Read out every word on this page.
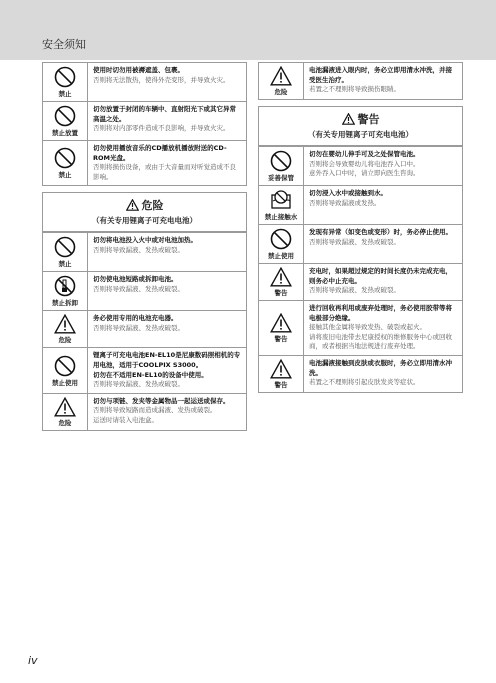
安全须知
禁止
使用时切勿用被褥遮盖、包裹。
否则将无法散热，使得外壳变形，并导致火灾。
禁止放置
切勿放置于封闭的车辆中、直射阳光下或其它异常高温之处。
否则将对内部零件造成不良影响，并导致火灾。
禁止
切勿使用播放音乐的CD播放机播放附送的CD-ROM光盘。
否则将损伤设备，或由于大音量而对听觉造成不良影响。
危险
（有关专用锂离子可充电电池）
禁止
切勿将电池投入火中或对电池加热。
否则将导致漏液、发热或破裂。
禁止拆卸
切勿使电池短路或拆卸电池。
否则将导致漏液、发热或破裂。
危险
务必使用专用的电池充电器。
否则将导致漏液、发热或破裂。
禁止使用
锂离子可充电电池EN-EL10是尼康数码照相机的专用电池，适用于COOLPIX S3000。
切勿在不适用EN-EL10的设备中使用。
否则将导致漏液、发热或破裂。
危险
切勿与项链、发夹等金属物品一起运送或保存。
否则将导致短路而造成漏液、发热或破裂。
运送时请装入电池盒。
危险
电池漏液进入眼内时，务必立即用清水冲洗，并接受医生治疗。
若置之不理则将导致损伤眼睛。
警告
（有关专用锂离子可充电电池）
妥善保管
切勿在婴幼儿伸手可及之处保管电池。
否则将会导致婴幼儿将电池吞入口中。
意外吞入口中时，请立即向医生咨询。
禁止接触水
切勿浸入水中或接触到水。
否则将导致漏液或发热。
禁止使用
发现有异常（如变色或变形）时，务必停止使用。
否则将导致漏液、发热或破裂。
警告
充电时，如果超过规定的时间长度仍未完成充电，则务必中止充电。
否则将导致漏液、发热或破裂。
警告
进行回收再利用或废弃处理时，务必使用胶带等将电极部分绝缘。
接触其他金属将导致发热、破裂或起火。
请将废旧电池带去尼康授权的维修服务中心或回收商，或者根据当地法规进行废弃处理。
警告
电池漏液接触到皮肤或衣服时，务必立即用清水冲洗。
若置之不理则将引起皮肤发炎等症状。
iv
